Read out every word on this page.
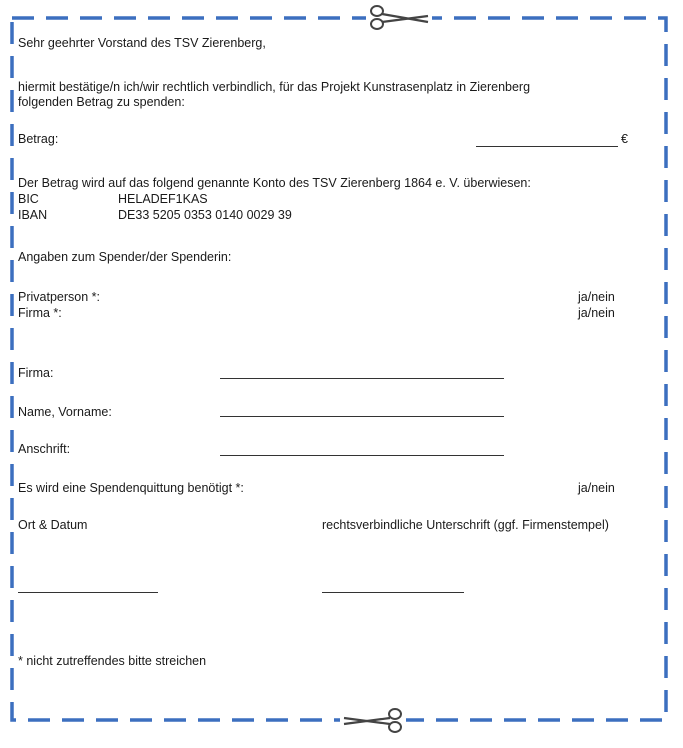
Sehr geehrter Vorstand des TSV Zierenberg,
hiermit bestätige/n ich/wir rechtlich verbindlich, für das Projekt Kunstrasenplatz in Zierenberg
folgenden Betrag zu spenden:
Betrag:	€
Der Betrag wird auf das folgend genannte Konto des TSV Zierenberg 1864 e. V. überwiesen:
BIC	HELADEF1KAS
IBAN	DE33 5205 0353 0140 0029 39
Angaben zum Spender/der Spenderin:
Privatperson *:	ja/nein
Firma *:	ja/nein
Firma:
Name, Vorname:
Anschrift:
Es wird eine Spendenquittung benötigt *:	ja/nein
Ort & Datum	rechtsverbindliche Unterschrift (ggf. Firmenstempel)
* nicht zutreffendes bitte streichen
